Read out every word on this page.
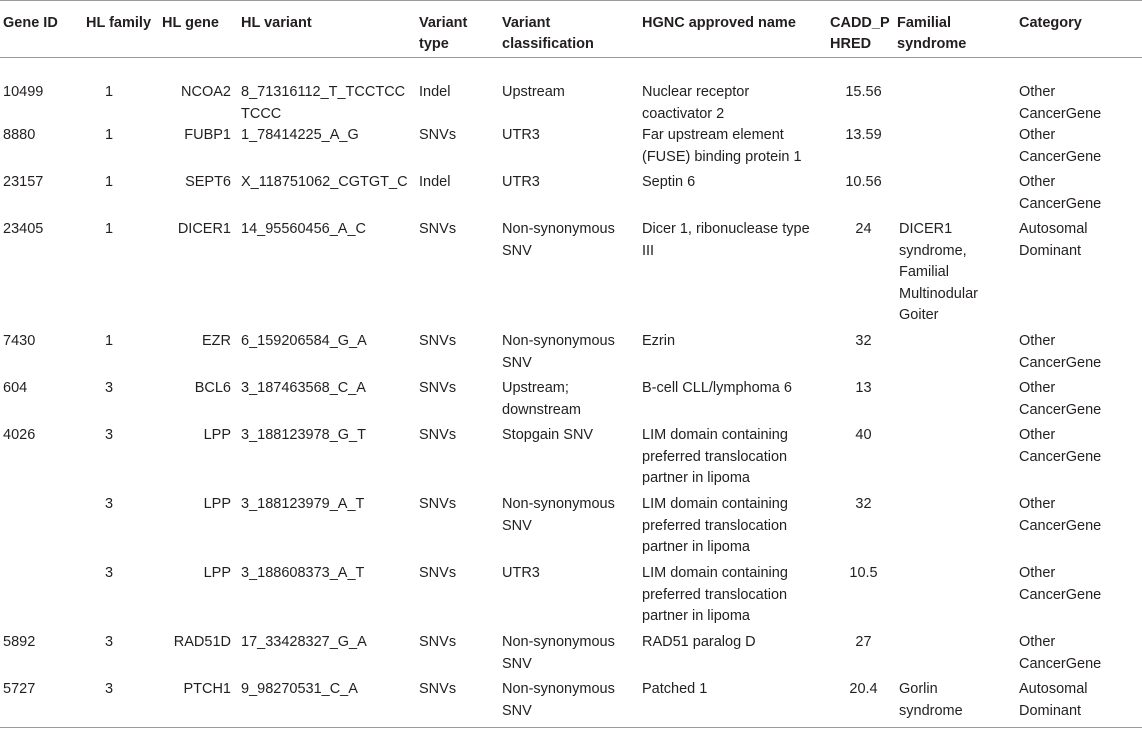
Gene ID	HL family	HL gene	HL variant	Variant type	Variant classification	HGNC approved name	CADD_PHRED	Familial syndrome	Category
10499	1	NCOA2	8_71316112_T_TCCTCCTCCC	Indel	Upstream	Nuclear receptor coactivator 2	15.56		Other CancerGene
8880	1	FUBP1	1_78414225_A_G	SNVs	UTR3	Far upstream element (FUSE) binding protein 1	13.59		Other CancerGene
23157	1	SEPT6	X_118751062_CGTGT_C	Indel	UTR3	Septin 6	10.56		Other CancerGene
23405	1	DICER1	14_95560456_A_C	SNVs	Non-synonymous SNV	Dicer 1, ribonuclease type III	24	DICER1 syndrome, Familial Multinodular Goiter	Autosomal Dominant
7430	1	EZR	6_159206584_G_A	SNVs	Non-synonymous SNV	Ezrin	32		Other CancerGene
604	3	BCL6	3_187463568_C_A	SNVs	Upstream; downstream	B-cell CLL/lymphoma 6	13		Other CancerGene
4026	3	LPP	3_188123978_G_T	SNVs	Stopgain SNV	LIM domain containing preferred translocation partner in lipoma	40		Other CancerGene
	3	LPP	3_188123979_A_T	SNVs	Non-synonymous SNV	LIM domain containing preferred translocation partner in lipoma	32		Other CancerGene
	3	LPP	3_188608373_A_T	SNVs	UTR3	LIM domain containing preferred translocation partner in lipoma	10.5		Other CancerGene
5892	3	RAD51D	17_33428327_G_A	SNVs	Non-synonymous SNV	RAD51 paralog D	27		Other CancerGene
5727	3	PTCH1	9_98270531_C_A	SNVs	Non-synonymous SNV	Patched 1	20.4	Gorlin syndrome	Autosomal Dominant
